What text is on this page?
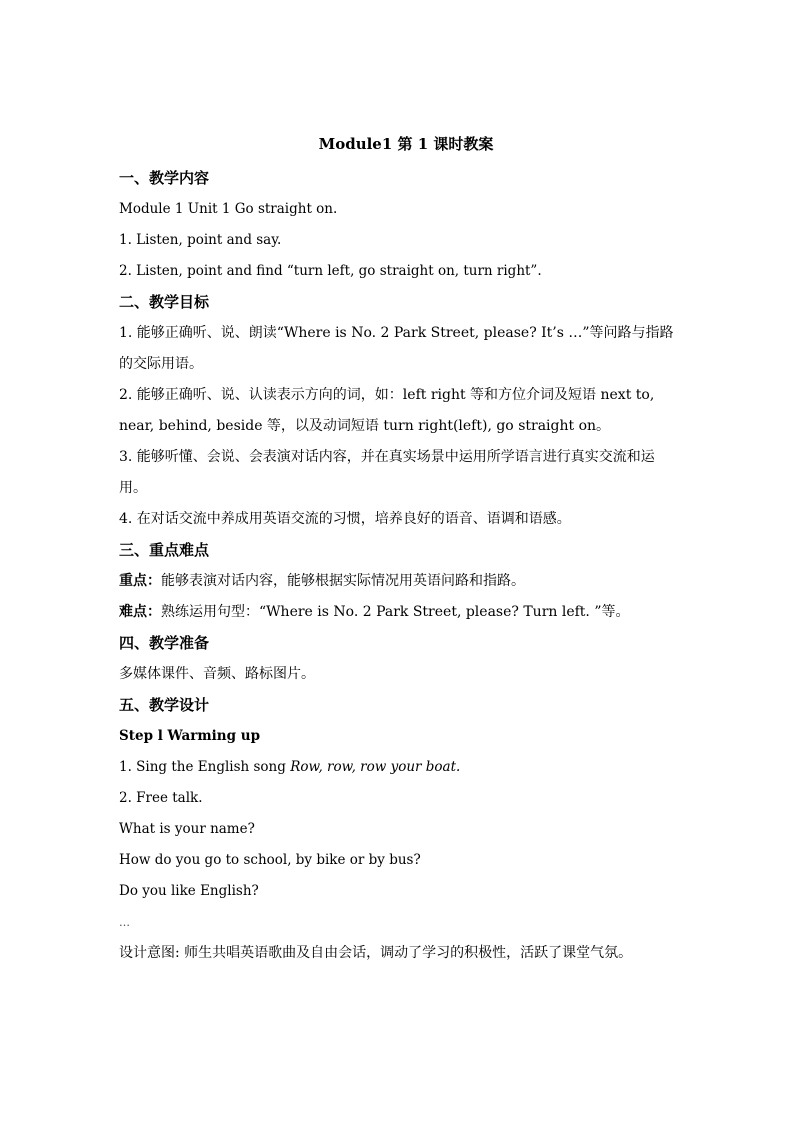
Module1 第 1 课时教案
一、教学内容
Module 1 Unit 1 Go straight on.
1. Listen, point and say.
2. Listen, point and find “turn left, go straight on, turn right”.
二、教学目标
1. 能够正确听、说、朗读“Where is No. 2 Park Street, please? It’s …”等问路与指路的交际用语。
2. 能够正确听、说、认读表示方向的词，如：left right 等和方位介词及短语 next to, near, behind, beside 等，以及动词短语 turn right(left), go straight on。
3. 能够听懂、会说、会表演对话内容，并在真实场景中运用所学语言进行真实交流和运用。
4. 在对话交流中养成用英语交流的习惯，培养良好的语音、语调和语感。
三、重点难点
重点：能够表演对话内容，能够根据实际情况用英语问路和指路。
难点：熟练运用句型：“Where is No. 2 Park Street, please? Turn left. ”等。
四、教学准备
多媒体课件、音频、路标图片。
五、教学设计
Step l Warming up
1. Sing the English song Row, row, row your boat.
2. Free talk.
What is your name?
How do you go to school, by bike or by bus?
Do you like English?
…
设计意图: 师生共唱英语歌曲及自由会话，调动了学习的积极性，活跃了课堂气氛。
